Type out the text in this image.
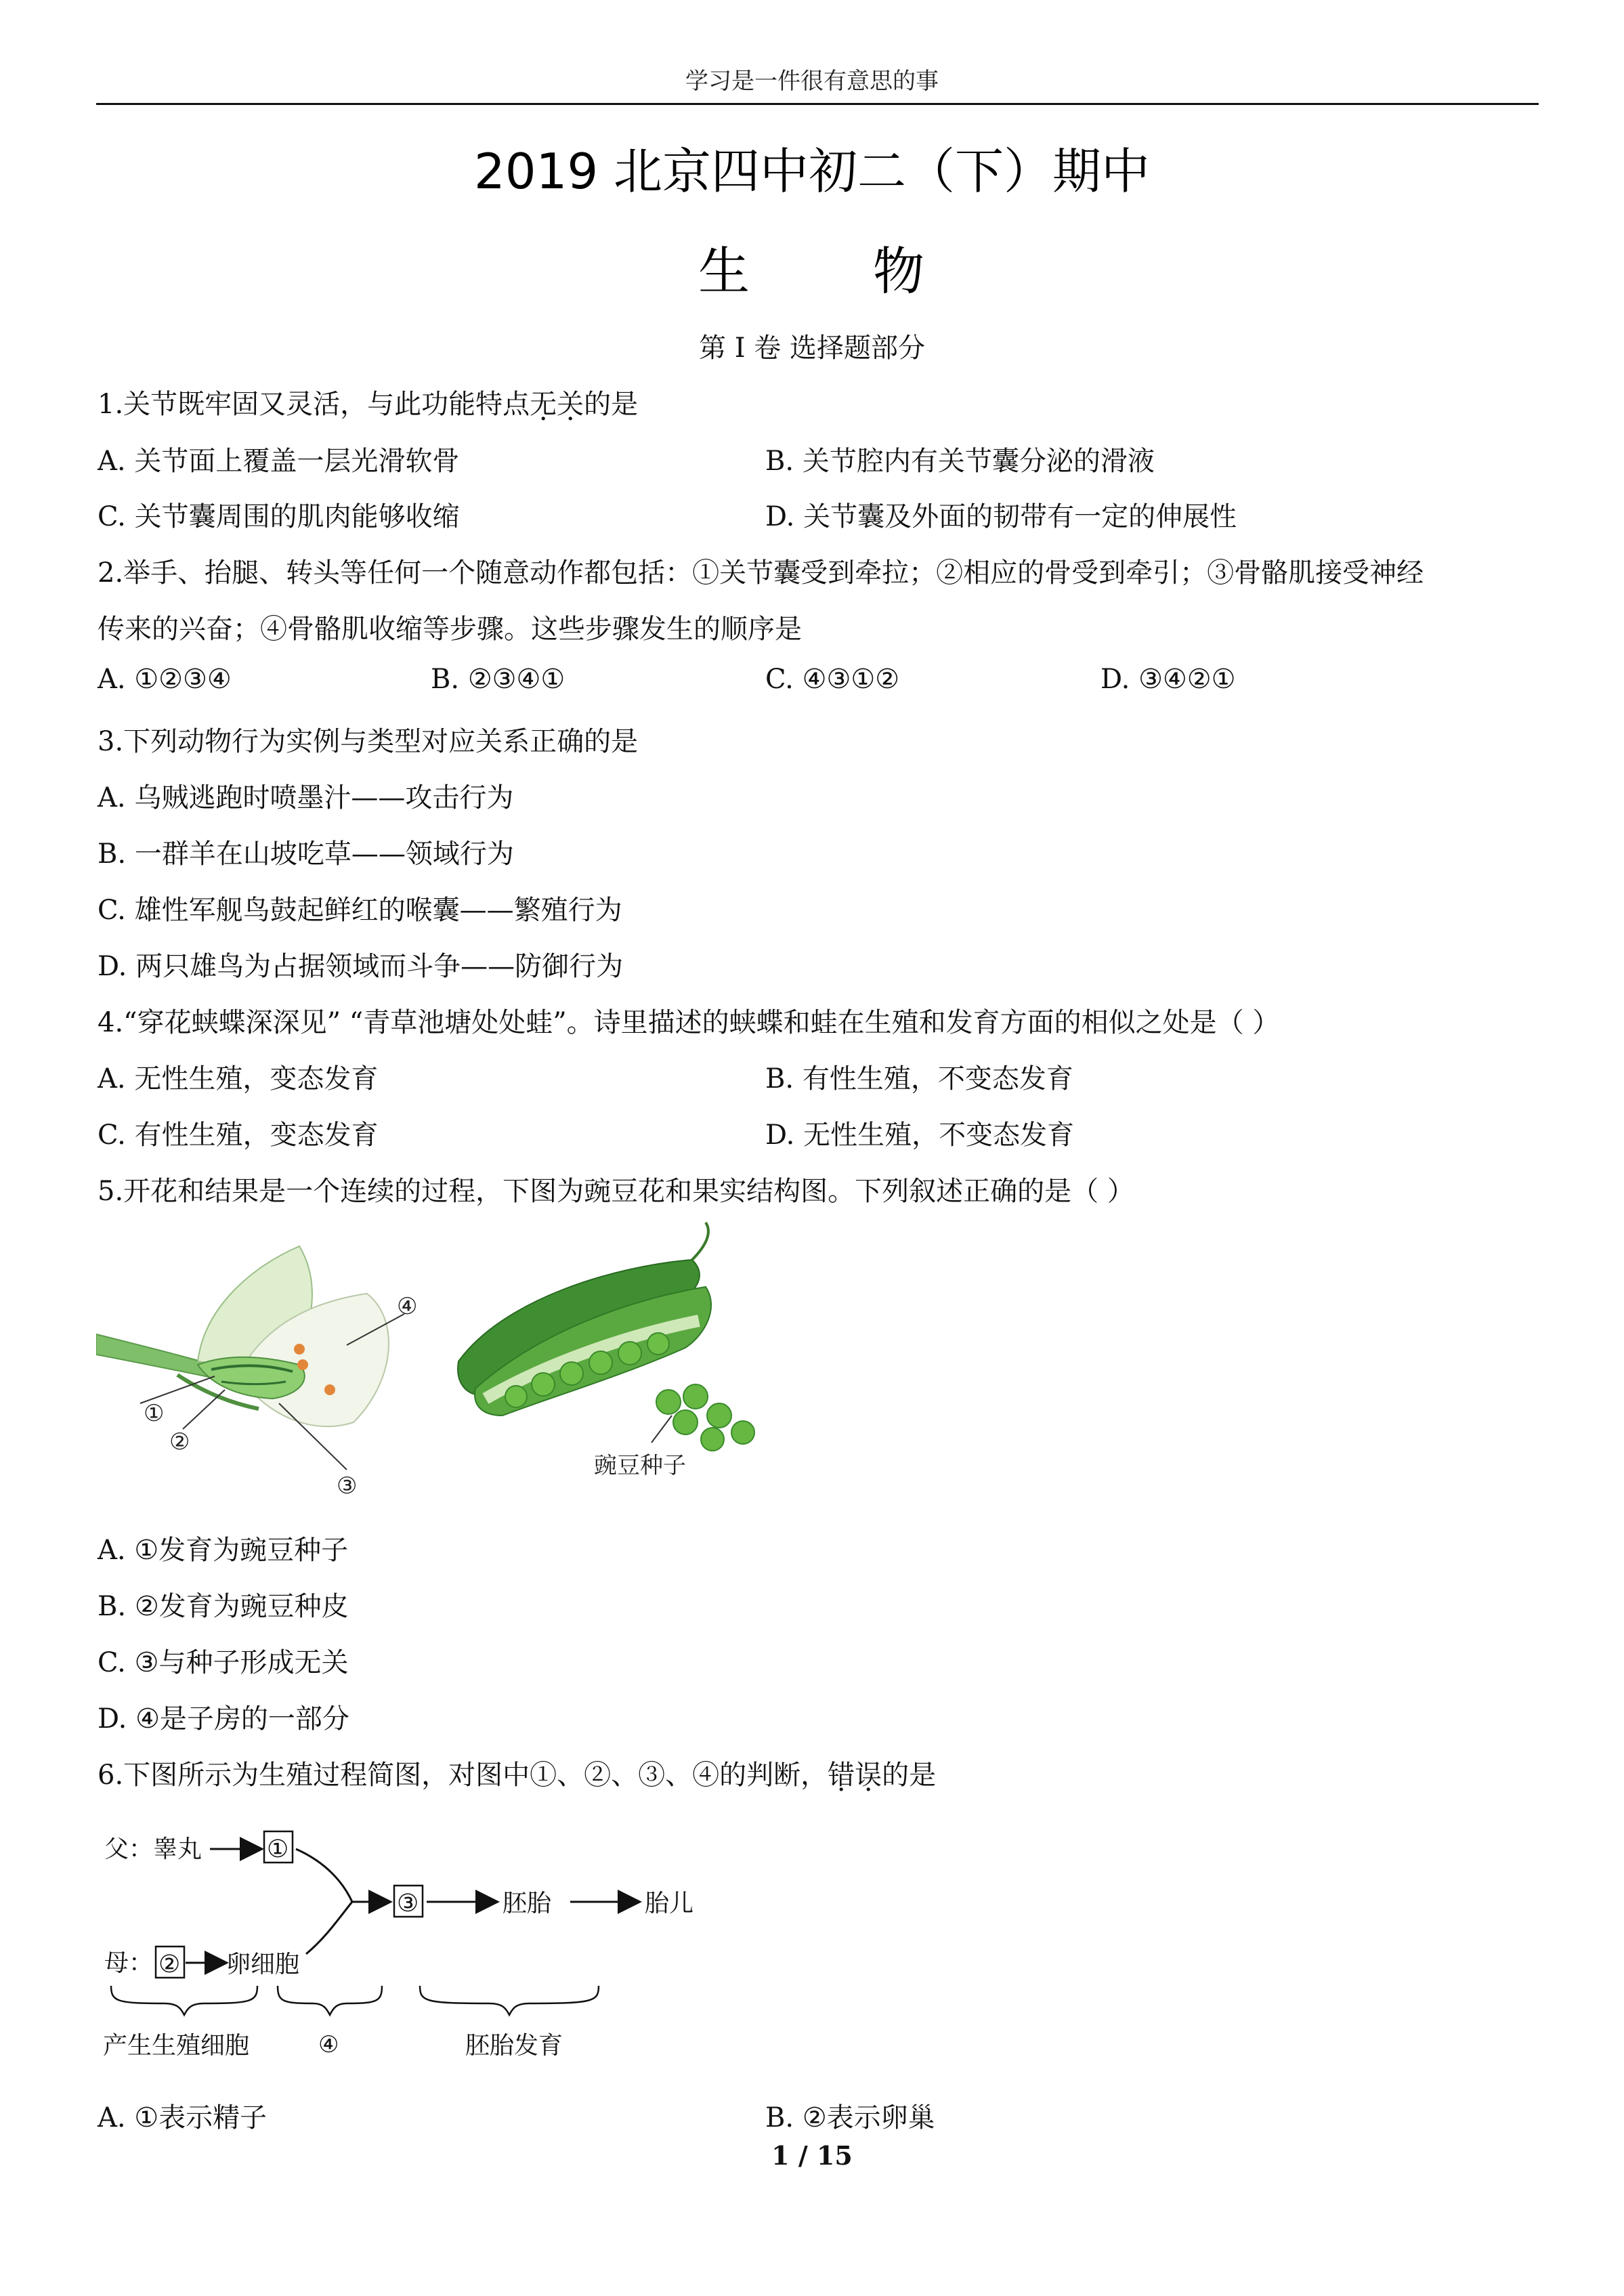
学习是一件很有意思的事
2019 北京四中初二（下）期中
生 物
第 I 卷 选择题部分
1.关节既牢固又灵活，与此功能特点无关的是
A. 关节面上覆盖一层光滑软骨	B. 关节腔内有关节囊分泌的滑液
C. 关节囊周围的肌肉能够收缩	D. 关节囊及外面的韧带有一定的伸展性
2.举手、抬腿、转头等任何一个随意动作都包括：①关节囊受到牵拉；②相应的骨受到牵引；③骨骼肌接受神经
传来的兴奋；④骨骼肌收缩等步骤。这些步骤发生的顺序是
A. ①②③④	B. ②③④①	C. ④③①②	D. ③④②①
3.下列动物行为实例与类型对应关系正确的是
A. 乌贼逃跑时喷墨汁——攻击行为
B. 一群羊在山坡吃草——领域行为
C. 雄性军舰鸟鼓起鲜红的喉囊——繁殖行为
D. 两只雄鸟为占据领域而斗争——防御行为
4.“穿花蛱蝶深深见” “青草池塘处处蛙”。诗里描述的蛱蝶和蛙在生殖和发育方面的相似之处是（ ）
A. 无性生殖，变态发育	B. 有性生殖，不变态发育
C. 有性生殖，变态发育	D. 无性生殖，不变态发育
5.开花和结果是一个连续的过程，下图为豌豆花和果实结构图。下列叙述正确的是（ ）
①
②
③
④
豌豆种子
A. ①发育为豌豆种子
B. ②发育为豌豆种皮
C. ③与种子形成无关
D. ④是子房的一部分
6.下图所示为生殖过程简图，对图中①、②、③、④的判断，错误的是
父：睾丸	①
母： ② 卵细胞
③	胚胎	胎儿
产生生殖细胞	④	胚胎发育
A. ①表示精子	B. ②表示卵巢
1 / 15
